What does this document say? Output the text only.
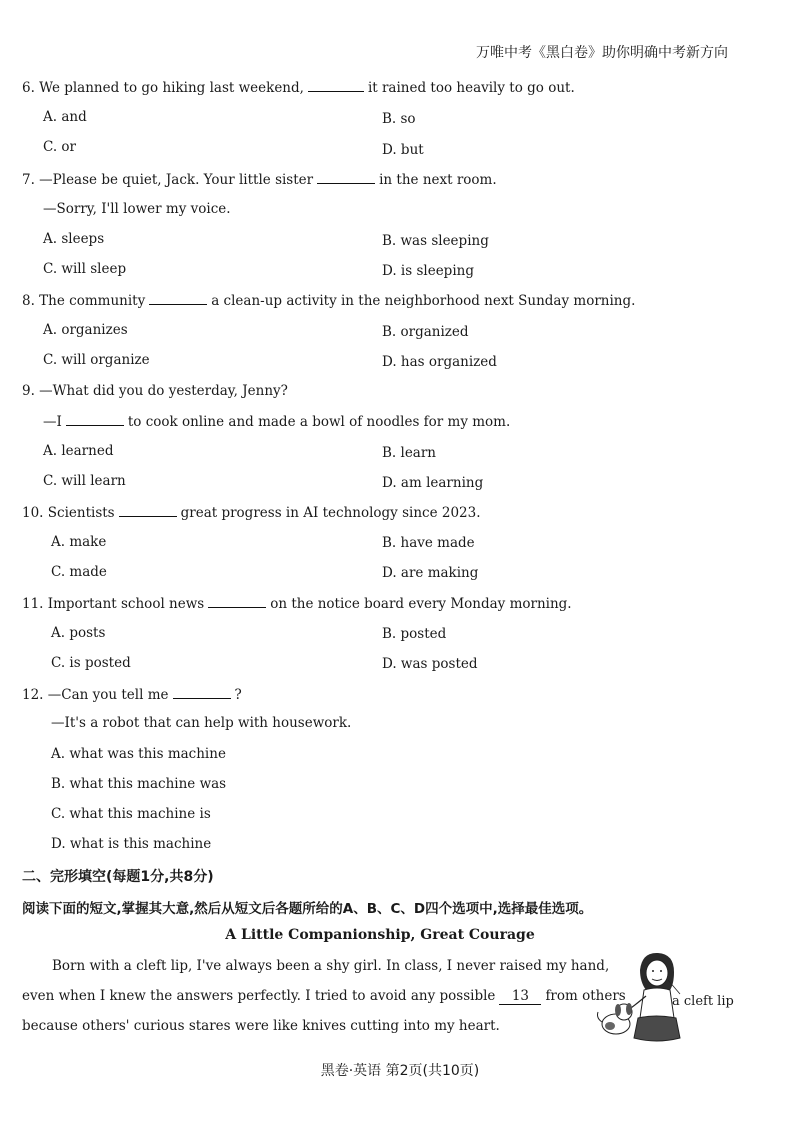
万唯中考《黑白卷》助你明确中考新方向
6. We planned to go hiking last weekend,	it rained too heavily to go out.
A. and	B. so
C. or	D. but
7. —Please be quiet, Jack. Your little sister	in the next room.
—Sorry, I'll lower my voice.
A. sleeps	B. was sleeping
C. will sleep	D. is sleeping
8. The community	a clean-up activity in the neighborhood next Sunday morning.
A. organizes	B. organized
C. will organize	D. has organized
9. —What did you do yesterday, Jenny?
—I	to cook online and made a bowl of noodles for my mom.
A. learned	B. learn
C. will learn	D. am learning
10. Scientists	great progress in AI technology since 2023.
A. make	B. have made
C. made	D. are making
11. Important school news	on the notice board every Monday morning.
A. posts	B. posted
C. is posted	D. was posted
12. —Can you tell me	?
—It's a robot that can help with housework.
A. what was this machine
B. what this machine was
C. what this machine is
D. what is this machine
二、完形填空(每题1分,共8分)
阅读下面的短文,掌握其大意,然后从短文后各题所给的A、B、C、D四个选项中,选择最佳选项。
A Little Companionship, Great Courage
Born with a cleft lip, I've always been a shy girl. In class, I never raised my hand,
even when I knew the answers perfectly. I tried to avoid any possible 13 from others
because others' curious stares were like knives cutting into my heart.
a cleft lip
黑卷·英语 第2页(共10页)
